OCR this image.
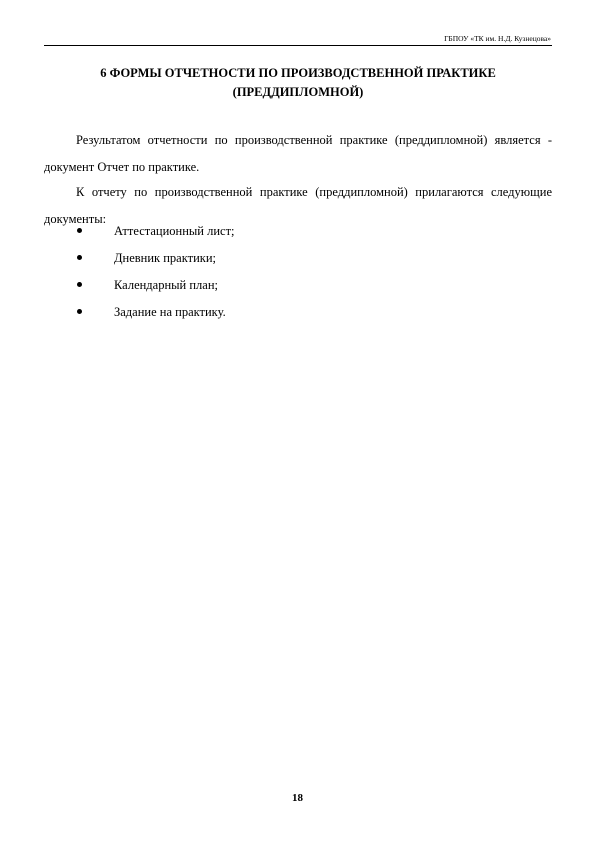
ГБПОУ «ТК им. Н.Д. Кузнецова»
6 ФОРМЫ ОТЧЕТНОСТИ ПО ПРОИЗВОДСТВЕННОЙ ПРАКТИКЕ
(ПРЕДДИПЛОМНОЙ)

Результатом отчетности по производственной практике (преддипломной) является - документ Отчет по практике.

К отчету по производственной практике (преддипломной) прилагаются следующие документы:

Аттестационный лист;
Дневник практики;
Календарный план;
Задание на практику.
18
